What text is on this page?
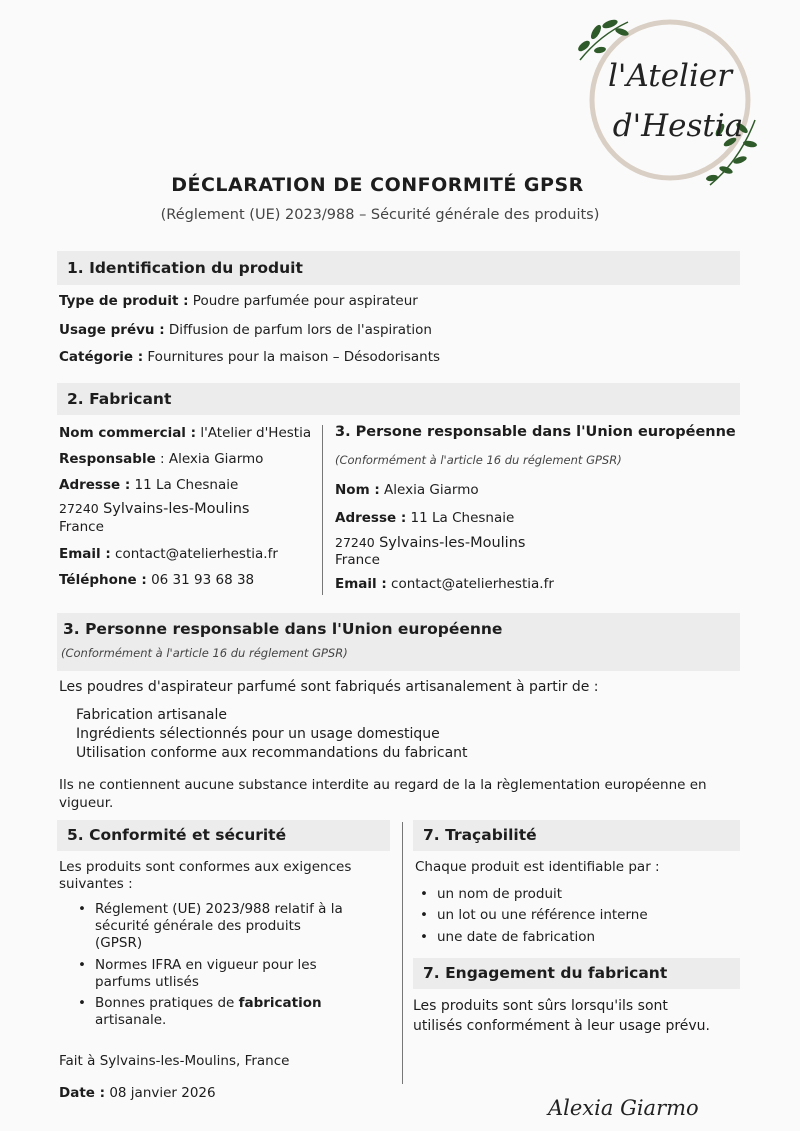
l'Atelier
d'Hestia
DÉCLARATION DE CONFORMITÉ GPSR
(Réglement (UE) 2023/988 – Sécurité générale des produits)
1. Identification du produit
Type de produit : Poudre parfumée pour aspirateur
Usage prévu : Diffusion de parfum lors de l'aspiration
Catégorie : Fournitures pour la maison – Désodorisants
2. Fabricant
Nom commercial : l'Atelier d'Hestia
Responsable : Alexia Giarmo
Adresse : 11 La Chesnaie
27240 Sylvains-les-Moulins
France
Email : contact@atelierhestia.fr
Téléphone : 06 31 93 68 38
3. Persone responsable dans l'Union européenne
(Conformément à l'article 16 du réglement GPSR)
Nom : Alexia Giarmo
Adresse : 11 La Chesnaie
27240 Sylvains-les-Moulins
France
Email : contact@atelierhestia.fr
3. Personne responsable dans l'Union européenne
(Conformément à l'article 16 du réglement GPSR)
Les poudres d'aspirateur parfumé sont fabriqués artisanalement à partir de :
Fabrication artisanale
Ingrédients sélectionnés pour un usage domestique
Utilisation conforme aux recommandations du fabricant
Ils ne contiennent aucune substance interdite au regard de la la règlementation européenne en
vigueur.
5. Conformité et sécurité
Les produits sont conformes aux exigences
suivantes :
• Réglement (UE) 2023/988 relatif à la
sécurité générale des produits
(GPSR)
• Normes IFRA en vigueur pour les
parfums utlisés
• Bonnes pratiques de fabrication
artisanale.
7. Traçabilité
Chaque produit est identifiable par :
• un nom de produit
• un lot ou une référence interne
• une date de fabrication
7. Engagement du fabricant
Les produits sont sûrs lorsqu'ils sont
utilisés conformément à leur usage prévu.
Fait à Sylvains-les-Moulins, France
Date : 08 janvier 2026
Alexia Giarmo
